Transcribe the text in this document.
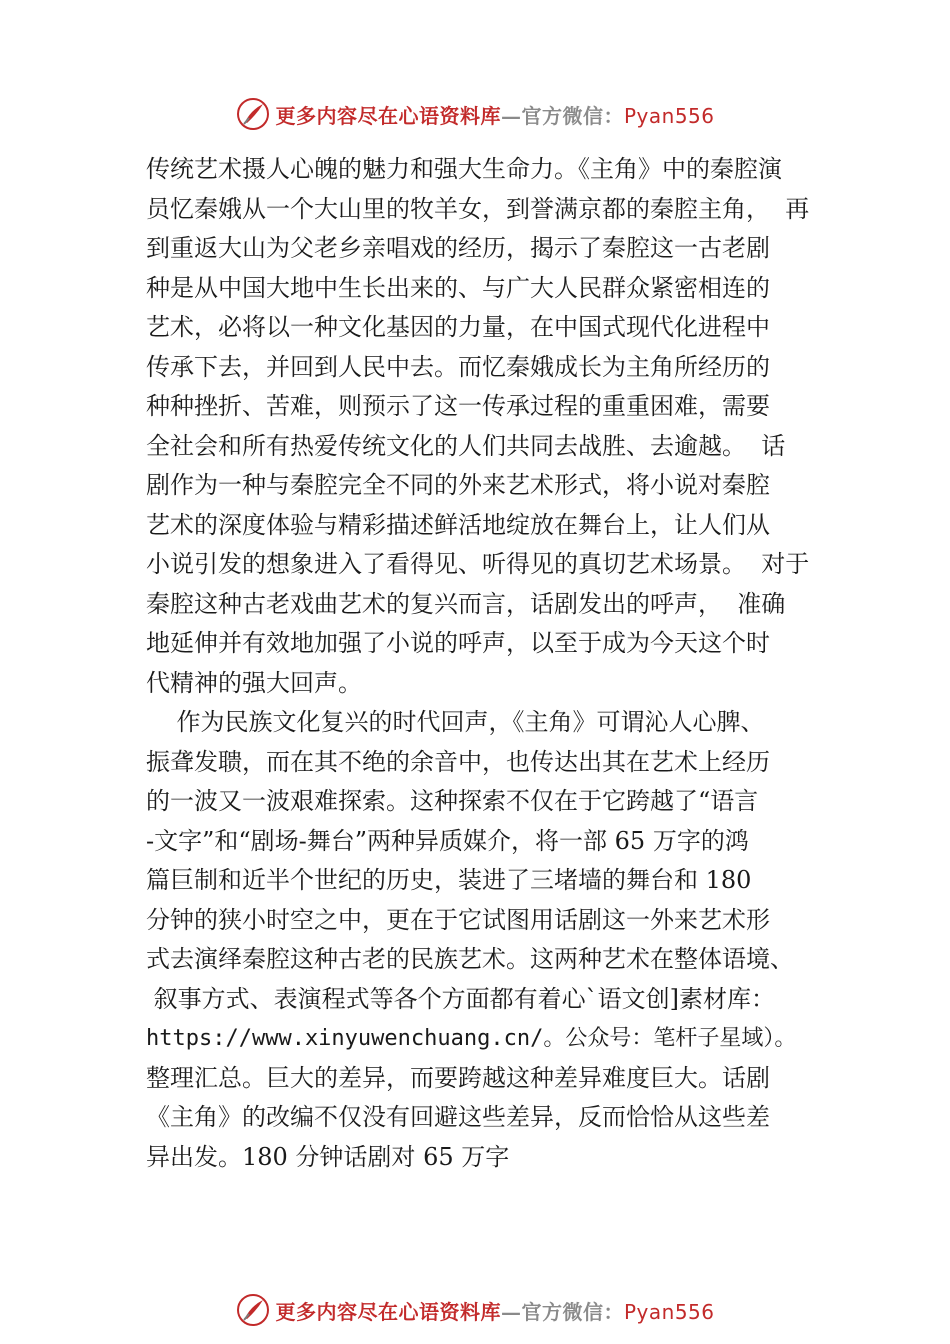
更多内容尽在心语资料库—官方微信：Pyan556
传统艺术摄人心魄的魅力和强大生命力。《主角》中的秦腔演
员忆秦娥从一个大山里的牧羊女，到誉满京都的秦腔主角，  再
到重返大山为父老乡亲唱戏的经历，揭示了秦腔这一古老剧
种是从中国大地中生长出来的、与广大人民群众紧密相连的
艺术，必将以一种文化基因的力量，在中国式现代化进程中
传承下去，并回到人民中去。而忆秦娥成长为主角所经历的
种种挫折、苦难，则预示了这一传承过程的重重困难，需要
全社会和所有热爱传统文化的人们共同去战胜、去逾越。  话
剧作为一种与秦腔完全不同的外来艺术形式，将小说对秦腔
艺术的深度体验与精彩描述鲜活地绽放在舞台上，让人们从
小说引发的想象进入了看得见、听得见的真切艺术场景。  对于
秦腔这种古老戏曲艺术的复兴而言，话剧发出的呼声，  准确
地延伸并有效地加强了小说的呼声，以至于成为今天这个时
代精神的强大回声。
作为民族文化复兴的时代回声，《主角》可谓沁人心脾、
振聋发聩，而在其不绝的余音中，也传达出其在艺术上经历
的一波又一波艰难探索。这种探索不仅在于它跨越了“语言
-文字”和“剧场-舞台”两种异质媒介，将一部 65 万字的鸿
篇巨制和近半个世纪的历史，装进了三堵墙的舞台和 180
分钟的狭小时空之中，更在于它试图用话剧这一外来艺术形
式去演绎秦腔这种古老的民族艺术。这两种艺术在整体语境、
叙事方式、表演程式等各个方面都有着心`语文创]素材库：
https://www.xinyuwenchuang.cn/。公众号：笔杆子星域）。
整理汇总。巨大的差异，而要跨越这种差异难度巨大。话剧
《主角》的改编不仅没有回避这些差异，反而恰恰从这些差
异出发。180 分钟话剧对 65 万字
更多内容尽在心语资料库—官方微信：Pyan556
